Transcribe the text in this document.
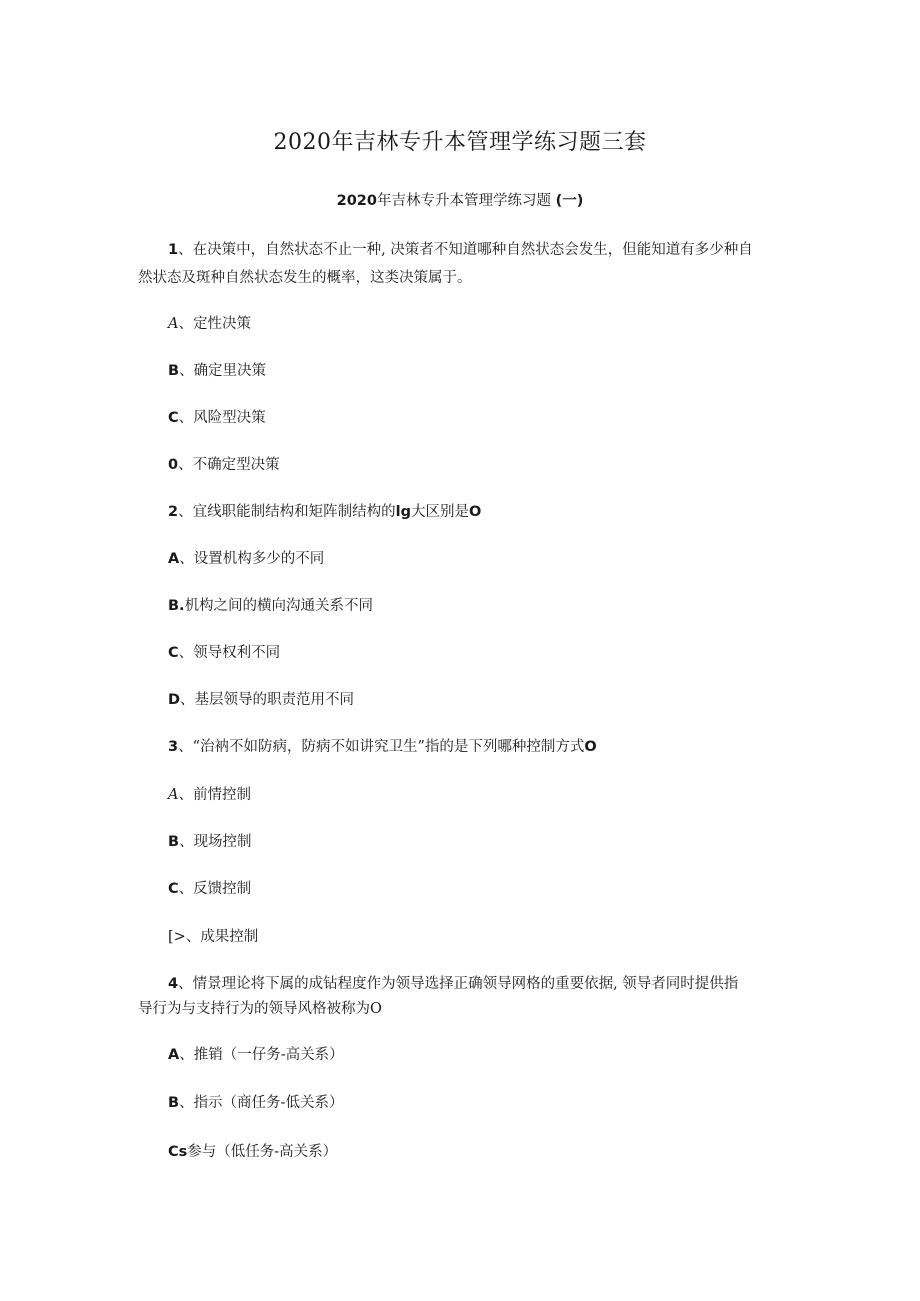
2020年吉林专升本管理学练习题三套
2020年吉林专升本管理学练习题 (一)
1、在决策中，自然状态不止一种, 决策者不知道哪种自然状态会发生，但能知道有多少种自
然状态及斑种自然状态发生的概率，这类决策属于。
A、定性决策
B、确定里决策
C、风险型决策
0、不确定型决策
2、宜线职能制结构和矩阵制结构的lg大区别是O
A、设置机构多少的不同
B.机构之间的横向沟通关系不同
C、领导权利不同
D、基层领导的职责范用不同
3、“治衲不如防病，防病不如讲究卫生”指的是下列哪种控制方式O
A、前情控制
B、现场控制
C、反馈控制
[>、成果控制
4、情景理论将下属的成钻程度作为领导选择正确领导网格的重要依据, 领导者同时提供指
导行为与支持行为的领导风格被称为O
A、推销（一仔务-高关系）
B、指示（商任务-低关系）
Cs参与（低任务-高关系）
